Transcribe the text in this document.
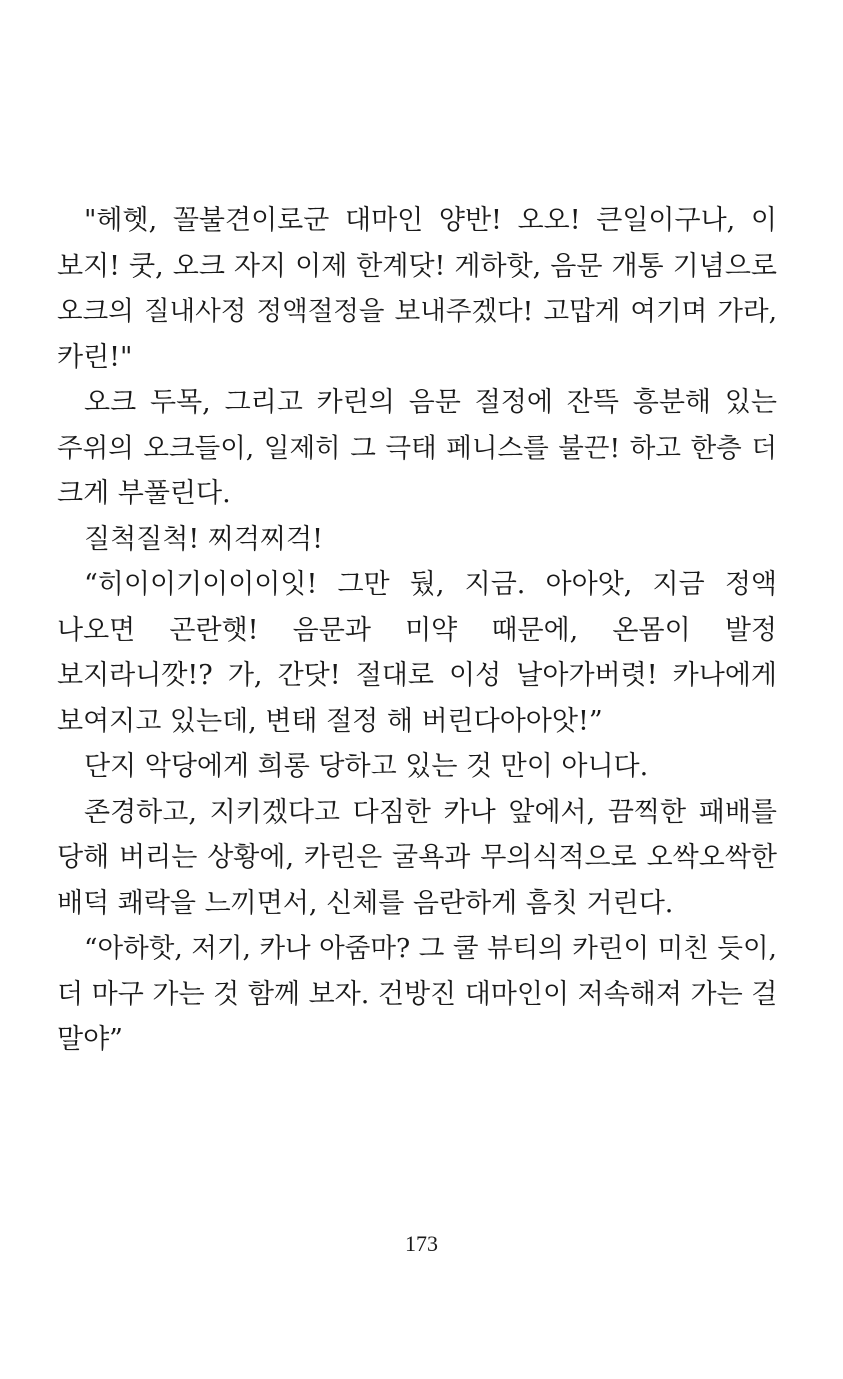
"헤헷, 꼴불견이로군 대마인 양반! 오오! 큰일이구나, 이
보지! 쿳, 오크 자지 이제 한계닷! 게하핫, 음문 개통 기념으로
오크의 질내사정 정액절정을 보내주겠다! 고맙게 여기며 가라,
카린!"
오크 두목, 그리고 카린의 음문 절정에 잔뜩 흥분해 있는
주위의 오크들이, 일제히 그 극태 페니스를 불끈! 하고 한층 더
크게 부풀린다.
질척질척! 찌걱찌걱!
“히이이기이이이잇! 그만 뒀, 지금. 아아앗, 지금 정액
나오면 곤란햇! 음문과 미약 때문에, 온몸이 발정
보지라니깟!? 가, 간닷! 절대로 이성 날아가버렷! 카나에게
보여지고 있는데, 변태 절정 해 버린다아아앗!”
단지 악당에게 희롱 당하고 있는 것 만이 아니다.
존경하고, 지키겠다고 다짐한 카나 앞에서, 끔찍한 패배를
당해 버리는 상황에, 카린은 굴욕과 무의식적으로 오싹오싹한
배덕 쾌락을 느끼면서, 신체를 음란하게 흠칫 거린다.
“아하핫, 저기, 카나 아줌마? 그 쿨 뷰티의 카린이 미친 듯이,
더 마구 가는 것 함께 보자. 건방진 대마인이 저속해져 가는 걸
말야”
173
